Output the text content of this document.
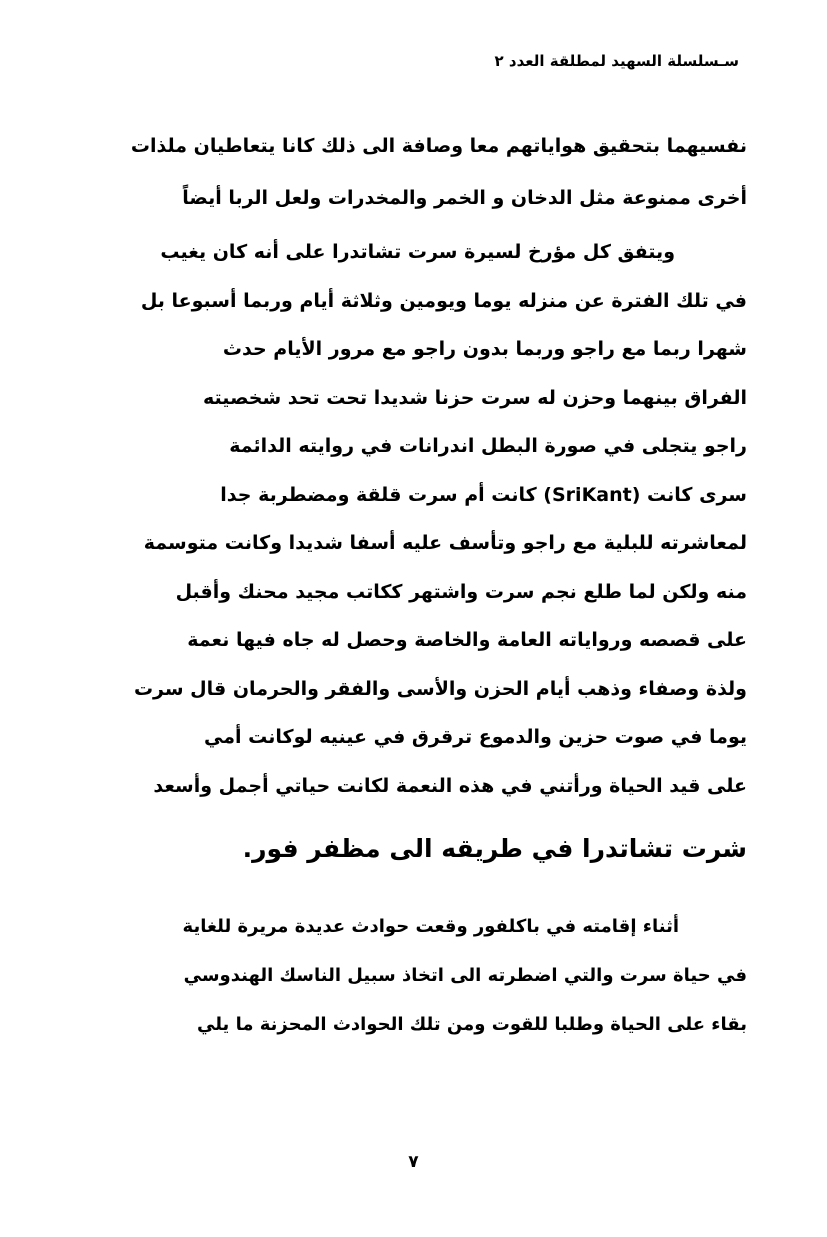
سـسلسلة السهيد لمطلقة العدد ٢
نفسيهما بتحقيق هواياتهم معا وصافة الى ذلك كانا يتعاطيان ملذات
أخرى ممنوعة مثل الدخان و الخمر والمخدرات ولعل الربا أيضاً
ويتفق كل مؤرخ لسيرة سرت تشاتدرا على أنه كان يغيب
في تلك الفترة عن منزله يوما ويومين وثلاثة أيام وربما أسبوعا بل
شهرا ربما مع راجو وربما بدون راجو مع مرور الأيام حدث
الفراق بينهما وحزن له سرت حزنا شديدا تحت تحد شخصيته
راجو يتجلى في صورة البطل اندرانات في روايته الدائمة
سرى كانت (SriKant) كانت أم سرت قلقة ومضطربة جدا
لمعاشرته للبلية مع راجو وتأسف عليه أسفا شديدا وكانت متوسمة
منه ولكن لما طلع نجم سرت واشتهر ككاتب مجيد محنك وأقبل
على قصصه ورواياته العامة والخاصة وحصل له جاه فيها نعمة
ولذة وصفاء وذهب أيام الحزن والأسى والفقر والحرمان قال سرت
يوما في صوت حزين والدموع ترقرق في عينيه لوكانت أمي
على قيد الحياة ورأتني في هذه النعمة لكانت حياتي أجمل وأسعد
شرت تشاتدرا في طريقه الى مظفر فور.
أثناء إقامته في باكلفور وقعت حوادث عديدة مريرة للغاية
في حياة سرت والتي اضطرته الى اتخاذ سبيل الناسك الهندوسي
بقاء على الحياة وطلبا للقوت ومن تلك الحوادث المحزنة ما يلي
٧
